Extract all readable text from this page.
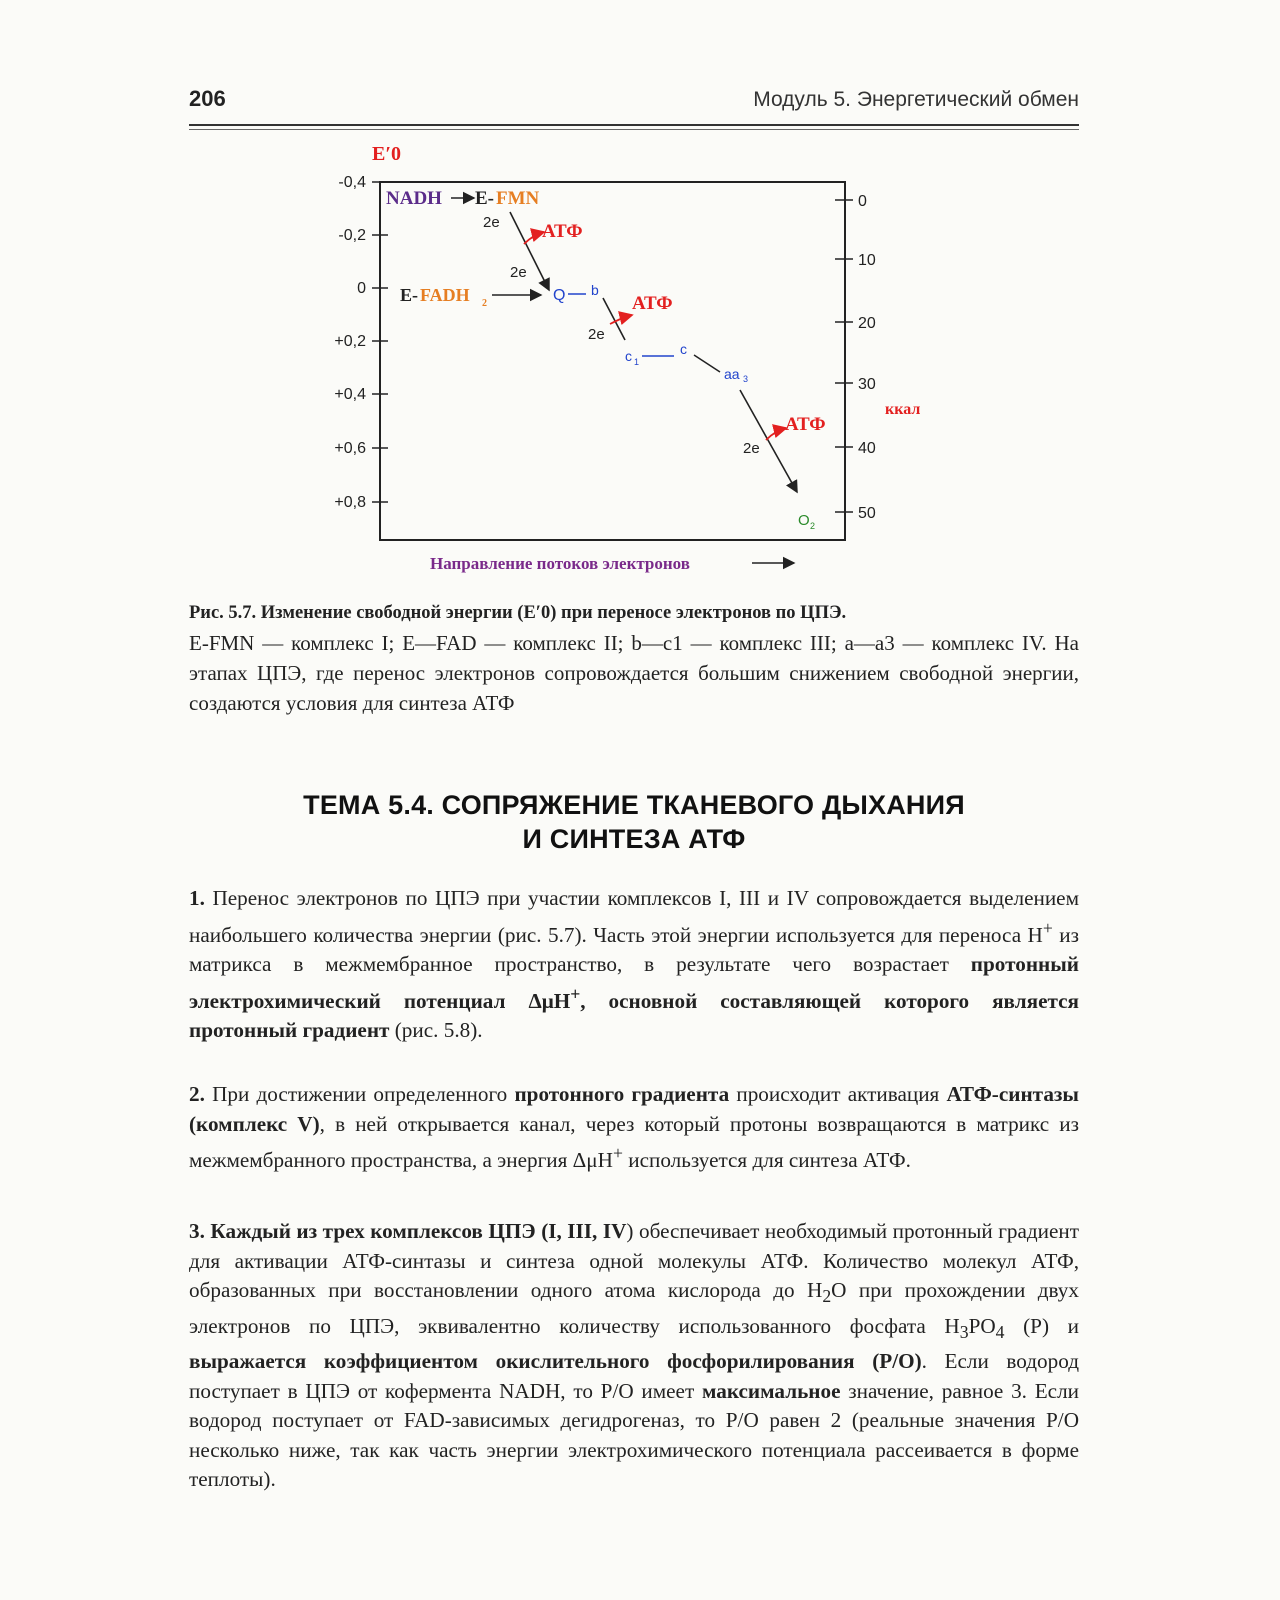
206	Модуль 5. Энергетический обмен
E′0
-0,4
-0,2
0
+0,2
+0,4
+0,6
+0,8
0
10
20
30
40
50
ккал
NADH E- FMN
E- FADH 2
2e
2e
2e
2e
Q b
c 1
c
aa 3
O 2
АТФ
АТФ
АТФ
Направление потоков электронов
Рис. 5.7. Изменение свободной энергии (E′0) при переносе электронов по ЦПЭ.
E-FMN — комплекс I; E—FAD — комплекс II; b—c1 — комплекс III; a—a3 — комплекс IV. На этапах ЦПЭ, где перенос электронов сопровождается большим снижением свободной энергии, создаются условия для синтеза АТФ
ТЕМА 5.4. СОПРЯЖЕНИЕ ТКАНЕВОГО ДЫХАНИЯ
И СИНТЕЗА АТФ
1. Перенос электронов по ЦПЭ при участии комплексов I, III и IV сопровождается выделением наибольшего количества энергии (рис. 5.7). Часть этой энергии используется для переноса H+ из матрикса в межмембранное пространство, в результате чего возрастает протонный электрохимический потенциал ΔμH+, основной составляющей которого является протонный градиент (рис. 5.8).
2. При достижении определенного протонного градиента происходит активация АТФ-синтазы (комплекс V), в ней открывается канал, через который протоны возвращаются в матрикс из межмембранного пространства, а энергия ΔμH+ используется для синтеза АТФ.
3. Каждый из трех комплексов ЦПЭ (I, III, IV) обеспечивает необходимый протонный градиент для активации АТФ-синтазы и синтеза одной молекулы АТФ. Количество молекул АТФ, образованных при восстановлении одного атома кислорода до $H_2O$ при прохождении двух электронов по ЦПЭ, эквивалентно количеству использованного фосфата $H_3PO_4$ (P) и выражается коэффициентом окислительного фосфорилирования (P/O). Если водород поступает в ЦПЭ от кофермента NADH, то P/O имеет максимальное значение, равное 3. Если водород поступает от FAD-зависимых дегидрогеназ, то P/O равен 2 (реальные значения P/O несколько ниже, так как часть энергии электрохимического потенциала рассеивается в форме теплоты).
